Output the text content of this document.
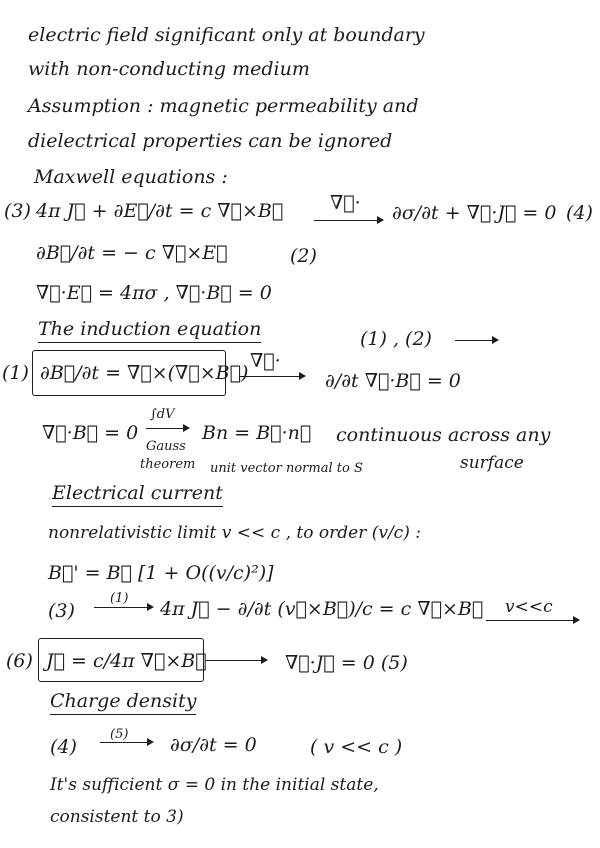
electric field significant only at boundary
with non-conducting medium
Assumption : magnetic permeability and
dielectrical properties can be ignored
Maxwell equations :
(3) 4π J⃗ + ∂E⃗/∂t = c ∇⃗×B⃗ ∇⃗· ∂σ/∂t + ∇⃗·J⃗ = 0 (4)
∂B⃗/∂t = − c ∇⃗×E⃗	(2)
∇⃗·E⃗ = 4πσ , ∇⃗·B⃗ = 0
The induction equation	(1) , (2)
(1) ∂B⃗/∂t = ∇⃗×(∇⃗×B⃗)
∇⃗·
∂/∂t ∇⃗·B⃗ = 0
∇⃗·B⃗ = 0
∫dV
Gauss
theorem
Bn = B⃗·n⃗ continuous across any
surface
unit vector normal to S
Electrical current
nonrelativistic limit v << c , to order (v/c) :
B⃗' = B⃗ [1 + O((v/c)²)]
(3)
(1) 4π J⃗ − ∂/∂t (v⃗×B⃗)/c = c ∇⃗×B⃗ v<<c
(6) J⃗ = c/4π ∇⃗×B⃗	∇⃗·J⃗ = 0 (5)
Charge density
(4)
(5) ∂σ/∂t = 0	( v << c )
It's sufficient σ = 0 in the initial state,
consistent to 3)
